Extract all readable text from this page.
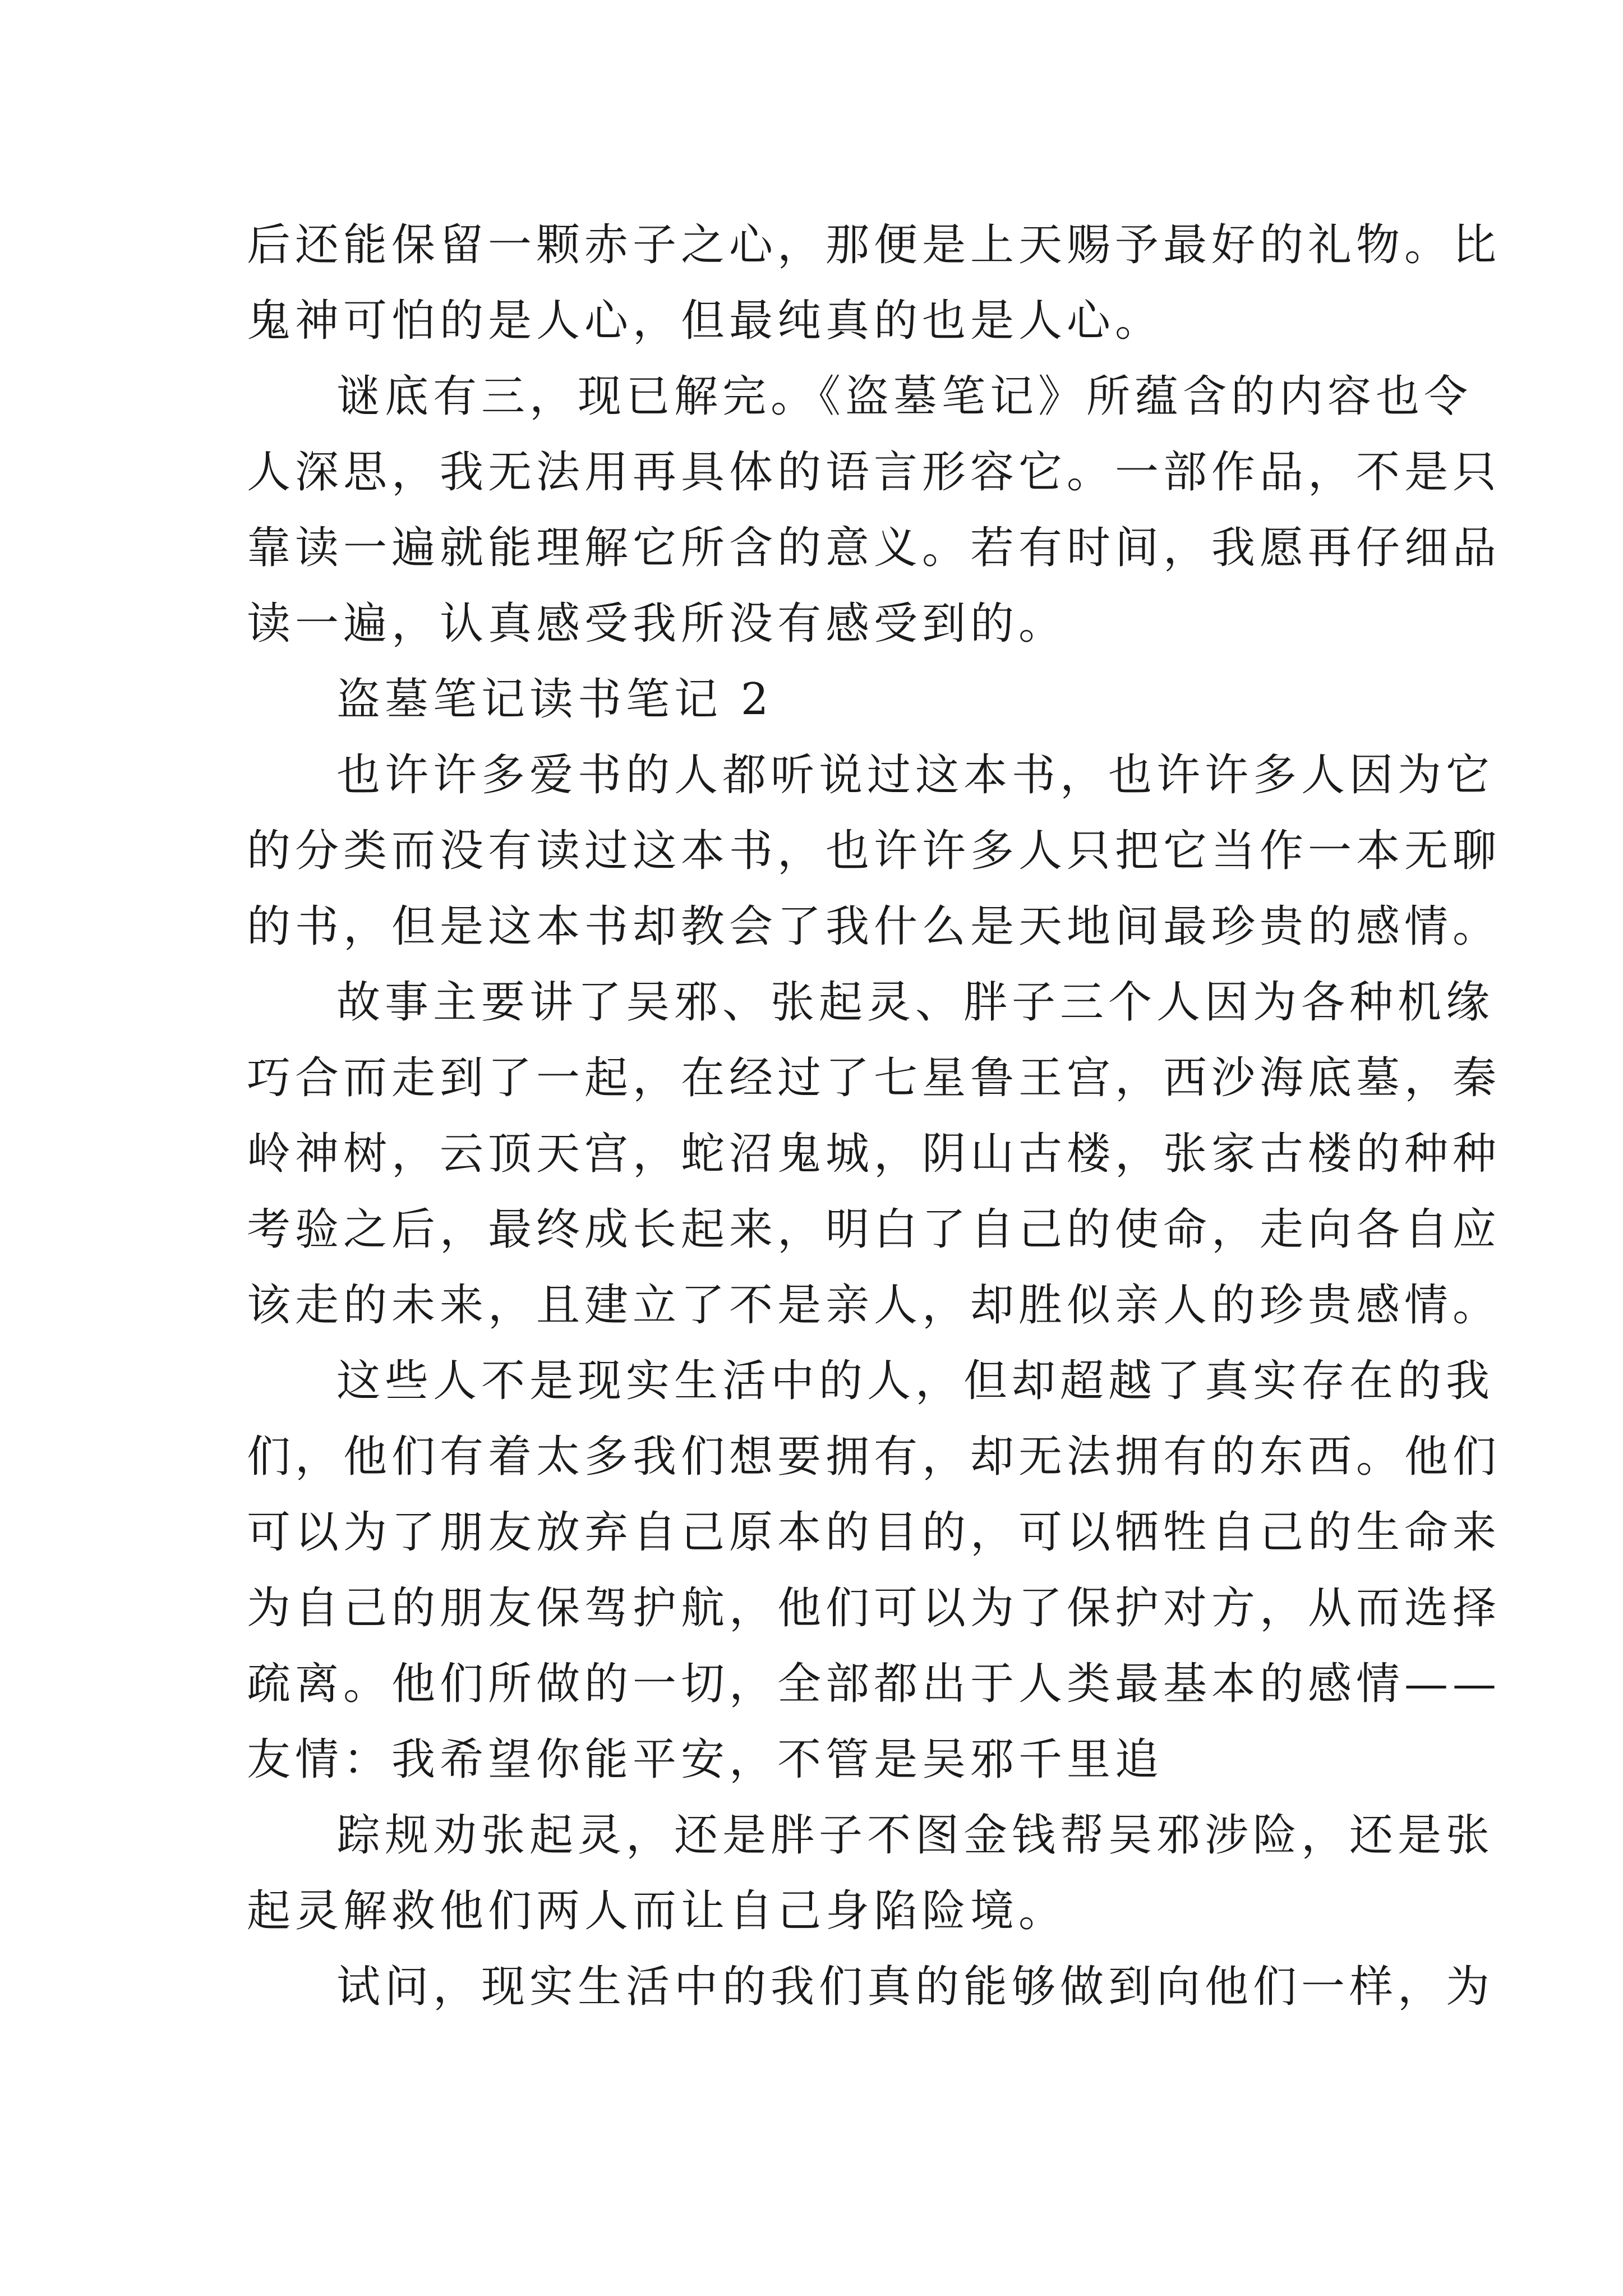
后还能保留一颗赤子之心，那便是上天赐予最好的礼物。比
鬼神可怕的是人心，但最纯真的也是人心。
谜底有三，现已解完。《盗墓笔记》所蕴含的内容也令
人深思，我无法用再具体的语言形容它。一部作品，不是只
靠读一遍就能理解它所含的意义。若有时间，我愿再仔细品
读一遍，认真感受我所没有感受到的。
盗墓笔记读书笔记 2
也许许多爱书的人都听说过这本书，也许许多人因为它
的分类而没有读过这本书，也许许多人只把它当作一本无聊
的书，但是这本书却教会了我什么是天地间最珍贵的感情。
故事主要讲了吴邪、张起灵、胖子三个人因为各种机缘
巧合而走到了一起，在经过了七星鲁王宫，西沙海底墓，秦
岭神树，云顶天宫，蛇沼鬼城，阴山古楼，张家古楼的种种
考验之后，最终成长起来，明白了自己的使命，走向各自应
该走的未来，且建立了不是亲人，却胜似亲人的珍贵感情。
这些人不是现实生活中的人，但却超越了真实存在的我
们，他们有着太多我们想要拥有，却无法拥有的东西。他们
可以为了朋友放弃自己原本的目的，可以牺牲自己的生命来
为自己的朋友保驾护航，他们可以为了保护对方，从而选择
疏离。他们所做的一切，全部都出于人类最基本的感情——
友情：我希望你能平安，不管是吴邪千里追
踪规劝张起灵，还是胖子不图金钱帮吴邪涉险，还是张
起灵解救他们两人而让自己身陷险境。
试问，现实生活中的我们真的能够做到向他们一样，为
